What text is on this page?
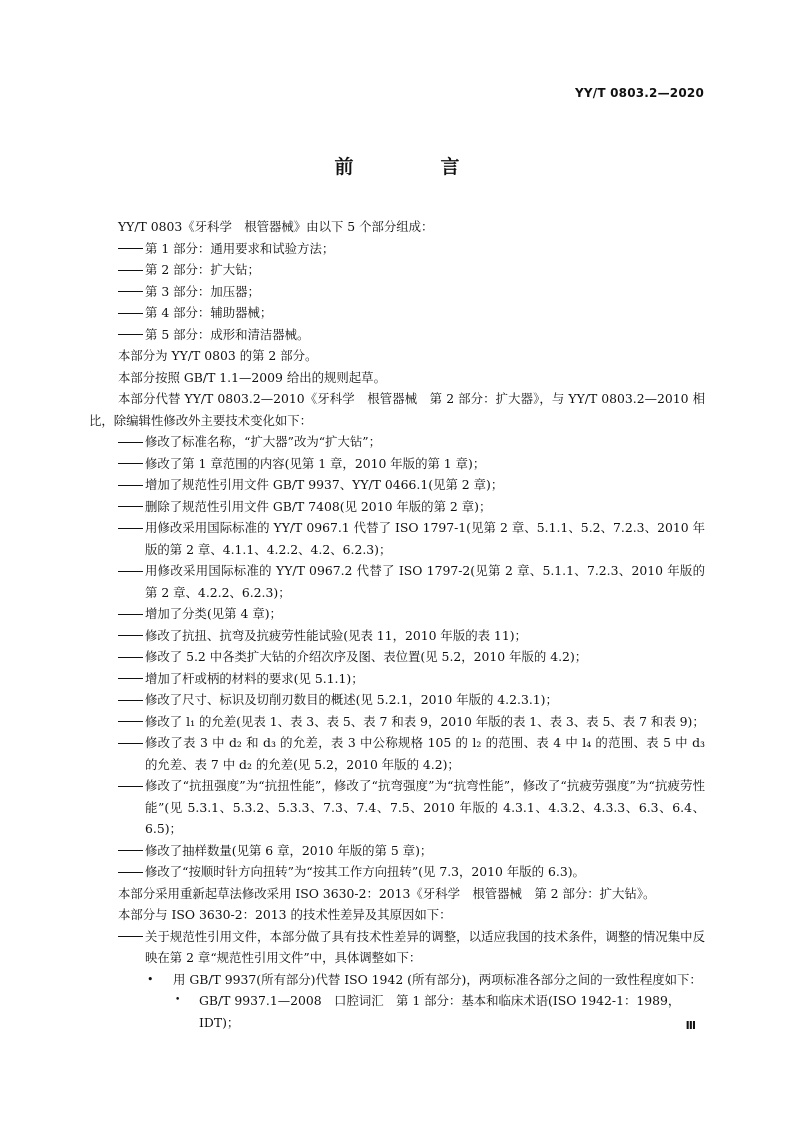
YY/T 0803.2—2020
前　言
YY/T 0803《牙科学　根管器械》由以下 5 个部分组成：
第 1 部分：通用要求和试验方法；
第 2 部分：扩大钻；
第 3 部分：加压器；
第 4 部分：辅助器械；
第 5 部分：成形和清洁器械。
本部分为 YY/T 0803 的第 2 部分。
本部分按照 GB/T 1.1—2009 给出的规则起草。
本部分代替 YY/T 0803.2—2010《牙科学　根管器械　第 2 部分：扩大器》，与 YY/T 0803.2—2010 相比，除编辑性修改外主要技术变化如下：
修改了标准名称，“扩大器”改为“扩大钻”；
修改了第 1 章范围的内容(见第 1 章，2010 年版的第 1 章)；
增加了规范性引用文件 GB/T 9937、YY/T 0466.1(见第 2 章)；
删除了规范性引用文件 GB/T 7408(见 2010 年版的第 2 章)；
用修改采用国际标准的 YY/T 0967.1 代替了 ISO 1797-1(见第 2 章、5.1.1、5.2、7.2.3、2010 年版的第 2 章、4.1.1、4.2.2、4.2、6.2.3)；
用修改采用国际标准的 YY/T 0967.2 代替了 ISO 1797-2(见第 2 章、5.1.1、7.2.3、2010 年版的第 2 章、4.2.2、6.2.3)；
增加了分类(见第 4 章)；
修改了抗扭、抗弯及抗疲劳性能试验(见表 11，2010 年版的表 11)；
修改了 5.2 中各类扩大钻的介绍次序及图、表位置(见 5.2，2010 年版的 4.2)；
增加了杆或柄的材料的要求(见 5.1.1)；
修改了尺寸、标识及切削刃数目的概述(见 5.2.1，2010 年版的 4.2.3.1)；
修改了 l₁ 的允差(见表 1、表 3、表 5、表 7 和表 9，2010 年版的表 1、表 3、表 5、表 7 和表 9)；
修改了表 3 中 d₂ 和 d₃ 的允差，表 3 中公称规格 105 的 l₂ 的范围、表 4 中 l₄ 的范围、表 5 中 d₃ 的允差、表 7 中 d₂ 的允差(见 5.2，2010 年版的 4.2)；
修改了“抗扭强度”为“抗扭性能”，修改了“抗弯强度”为“抗弯性能”，修改了“抗疲劳强度”为“抗疲劳性能”(见 5.3.1、5.3.2、5.3.3、7.3、7.4、7.5、2010 年版的 4.3.1、4.3.2、4.3.3、6.3、6.4、6.5)；
修改了抽样数量(见第 6 章，2010 年版的第 5 章)；
修改了“按顺时针方向扭转”为“按其工作方向扭转”(见 7.3，2010 年版的 6.3)。
本部分采用重新起草法修改采用 ISO 3630-2：2013《牙科学　根管器械　第 2 部分：扩大钻》。
本部分与 ISO 3630-2：2013 的技术性差异及其原因如下：
关于规范性引用文件，本部分做了具有技术性差异的调整，以适应我国的技术条件，调整的情况集中反映在第 2 章“规范性引用文件”中，具体调整如下：
• 用 GB/T 9937(所有部分)代替 ISO 1942 (所有部分)，两项标准各部分之间的一致性程度如下：
• GB/T 9937.1—2008　口腔词汇　第 1 部分：基本和临床术语(ISO 1942-1：1989，IDT)；	Ⅲ
